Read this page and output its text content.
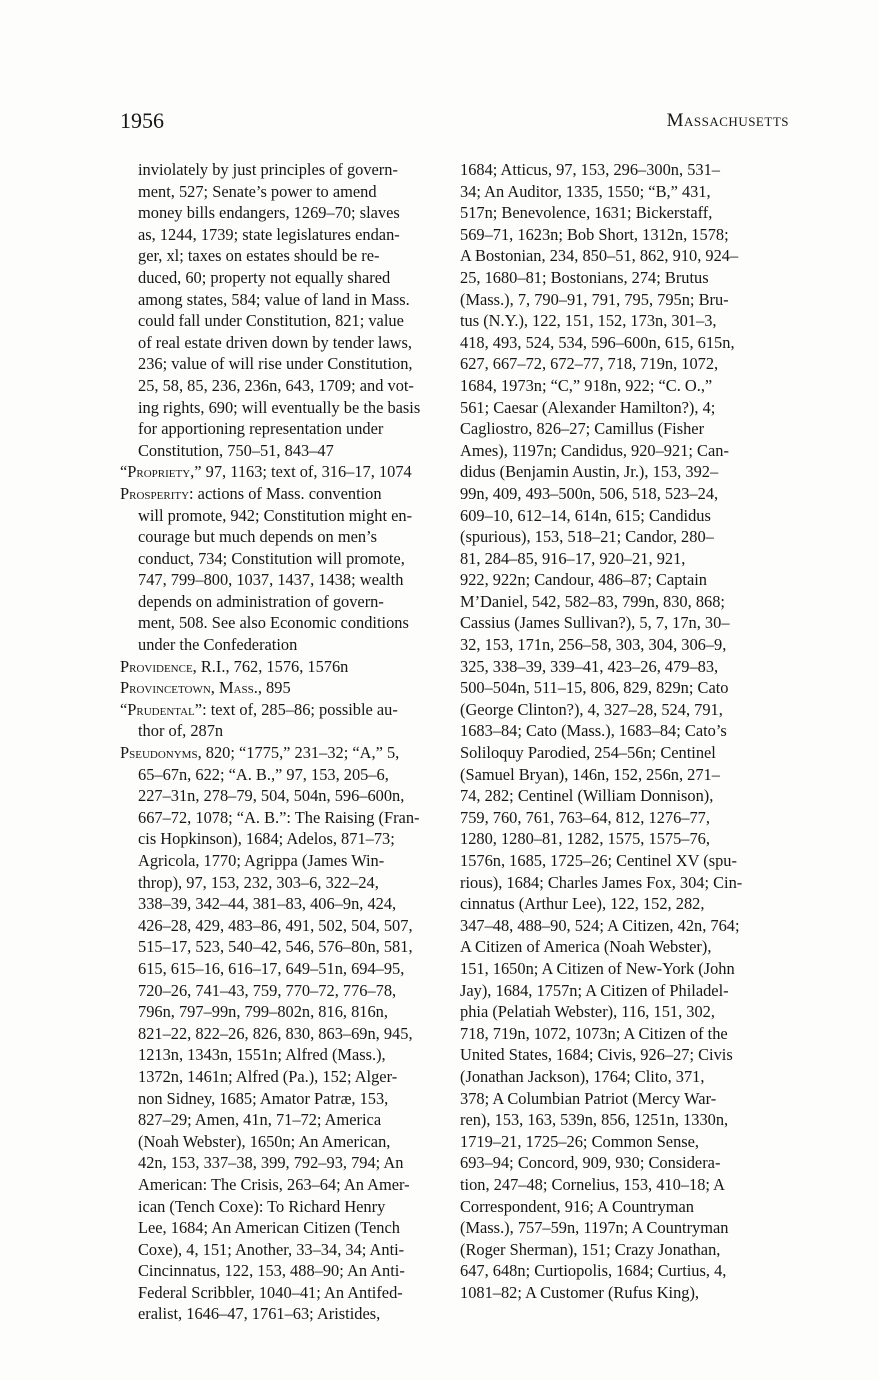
1956	Massachusetts
inviolately by just principles of govern-
ment, 527; Senate’s power to amend
money bills endangers, 1269–70; slaves
as, 1244, 1739; state legislatures endan-
ger, xl; taxes on estates should be re-
duced, 60; property not equally shared
among states, 584; value of land in Mass.
could fall under Constitution, 821; value
of real estate driven down by tender laws,
236; value of will rise under Constitution,
25, 58, 85, 236, 236n, 643, 1709; and vot-
ing rights, 690; will eventually be the basis
for apportioning representation under
Constitution, 750–51, 843–47
“Propriety,” 97, 1163; text of, 316–17, 1074
Prosperity: actions of Mass. convention
will promote, 942; Constitution might en-
courage but much depends on men’s
conduct, 734; Constitution will promote,
747, 799–800, 1037, 1437, 1438; wealth
depends on administration of govern-
ment, 508. See also Economic conditions
under the Confederation
Providence, R.I., 762, 1576, 1576n
Provincetown, Mass., 895
“Prudental”: text of, 285–86; possible au-
thor of, 287n
Pseudonyms, 820; “1775,” 231–32; “A,” 5,
65–67n, 622; “A. B.,” 97, 153, 205–6,
227–31n, 278–79, 504, 504n, 596–600n,
667–72, 1078; “A. B.”: The Raising (Fran-
cis Hopkinson), 1684; Adelos, 871–73;
Agricola, 1770; Agrippa (James Win-
throp), 97, 153, 232, 303–6, 322–24,
338–39, 342–44, 381–83, 406–9n, 424,
426–28, 429, 483–86, 491, 502, 504, 507,
515–17, 523, 540–42, 546, 576–80n, 581,
615, 615–16, 616–17, 649–51n, 694–95,
720–26, 741–43, 759, 770–72, 776–78,
796n, 797–99n, 799–802n, 816, 816n,
821–22, 822–26, 826, 830, 863–69n, 945,
1213n, 1343n, 1551n; Alfred (Mass.),
1372n, 1461n; Alfred (Pa.), 152; Alger-
non Sidney, 1685; Amator Patræ, 153,
827–29; Amen, 41n, 71–72; America
(Noah Webster), 1650n; An American,
42n, 153, 337–38, 399, 792–93, 794; An
American: The Crisis, 263–64; An Amer-
ican (Tench Coxe): To Richard Henry
Lee, 1684; An American Citizen (Tench
Coxe), 4, 151; Another, 33–34, 34; Anti-
Cincinnatus, 122, 153, 488–90; An Anti-
Federal Scribbler, 1040–41; An Antifed-
eralist, 1646–47, 1761–63; Aristides,
1684; Atticus, 97, 153, 296–300n, 531–
34; An Auditor, 1335, 1550; “B,” 431,
517n; Benevolence, 1631; Bickerstaff,
569–71, 1623n; Bob Short, 1312n, 1578;
A Bostonian, 234, 850–51, 862, 910, 924–
25, 1680–81; Bostonians, 274; Brutus
(Mass.), 7, 790–91, 791, 795, 795n; Bru-
tus (N.Y.), 122, 151, 152, 173n, 301–3,
418, 493, 524, 534, 596–600n, 615, 615n,
627, 667–72, 672–77, 718, 719n, 1072,
1684, 1973n; “C,” 918n, 922; “C. O.,”
561; Caesar (Alexander Hamilton?), 4;
Cagliostro, 826–27; Camillus (Fisher
Ames), 1197n; Candidus, 920–921; Can-
didus (Benjamin Austin, Jr.), 153, 392–
99n, 409, 493–500n, 506, 518, 523–24,
609–10, 612–14, 614n, 615; Candidus
(spurious), 153, 518–21; Candor, 280–
81, 284–85, 916–17, 920–21, 921,
922, 922n; Candour, 486–87; Captain
M’Daniel, 542, 582–83, 799n, 830, 868;
Cassius (James Sullivan?), 5, 7, 17n, 30–
32, 153, 171n, 256–58, 303, 304, 306–9,
325, 338–39, 339–41, 423–26, 479–83,
500–504n, 511–15, 806, 829, 829n; Cato
(George Clinton?), 4, 327–28, 524, 791,
1683–84; Cato (Mass.), 1683–84; Cato’s
Soliloquy Parodied, 254–56n; Centinel
(Samuel Bryan), 146n, 152, 256n, 271–
74, 282; Centinel (William Donnison),
759, 760, 761, 763–64, 812, 1276–77,
1280, 1280–81, 1282, 1575, 1575–76,
1576n, 1685, 1725–26; Centinel XV (spu-
rious), 1684; Charles James Fox, 304; Cin-
cinnatus (Arthur Lee), 122, 152, 282,
347–48, 488–90, 524; A Citizen, 42n, 764;
A Citizen of America (Noah Webster),
151, 1650n; A Citizen of New-York (John
Jay), 1684, 1757n; A Citizen of Philadel-
phia (Pelatiah Webster), 116, 151, 302,
718, 719n, 1072, 1073n; A Citizen of the
United States, 1684; Civis, 926–27; Civis
(Jonathan Jackson), 1764; Clito, 371,
378; A Columbian Patriot (Mercy War-
ren), 153, 163, 539n, 856, 1251n, 1330n,
1719–21, 1725–26; Common Sense,
693–94; Concord, 909, 930; Considera-
tion, 247–48; Cornelius, 153, 410–18; A
Correspondent, 916; A Countryman
(Mass.), 757–59n, 1197n; A Countryman
(Roger Sherman), 151; Crazy Jonathan,
647, 648n; Curtiopolis, 1684; Curtius, 4,
1081–82; A Customer (Rufus King),
